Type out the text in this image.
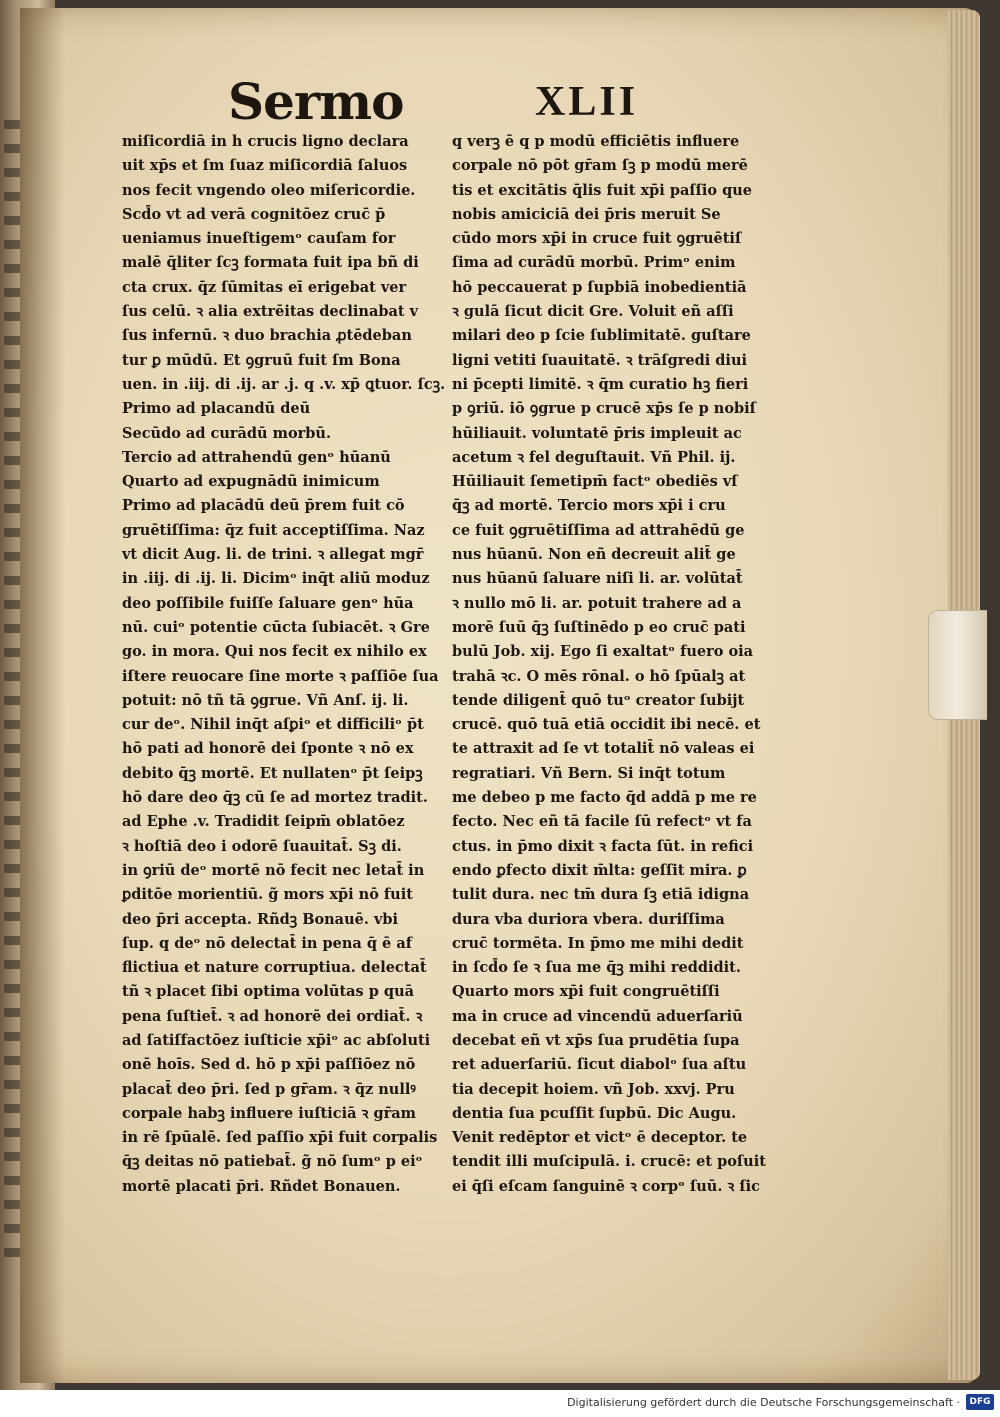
Sermo	XLII
miſicordiā in h crucis ligno declara
uit xp̄s et ſm ſuaz miſicordiā ſaluos
nos fecit vngendo oleo miſericordie.
Scd̄o vt ad verā cognitōez cruc̄ p̄
ueniamus inueſtigemᵒ cauſam for
malē q̄liter ſcꝫ formata fuit ipa bñ di
cta crux. q̄z ſūmitas eī erigebat ver
ſus celū. ꝛ alia extrēitas declinabat v
ſus infernū. ꝛ duo brachia ꝓtēdeban
tur ꝑ mūdū. Et ꝯgruū fuit ſm Bona
uen. in .iij. di .ij. ar .j. q .v. xp̄ ꝗtuor. ſcꝫ.
Primo ad placandū deū
Secūdo ad curādū morbū.
Tercio ad attrahendū genᵒ hūanū
Quarto ad expugnādū inimicum
Primo ad placādū deū p̄rem fuit cō
gruētiſſima: q̄z fuit acceptiſſima. Naz
vt dicit Aug. li. de trini. ꝛ allegat mgr̄
in .iij. di .ij. li. Dicimᵒ inq̄t aliū moduz
deo poſſibile fuiſſe ſaluare genᵒ hūa
nū. cuiᵒ potentie cūcta ſubiacēt. ꝛ Gre
go. in mora. Qui nos fecit ex nihilo ex
iſtere reuocare ſine morte ꝛ paſſiōe ſua
potuit: nō tñ tā ꝯgrue. Vñ Anſ. ij. li.
cur deᵒ. Nihil inq̄t aſꝑiᵒ et difficiliᵒ p̄t
hō pati ad honorē dei ſponte ꝛ nō ex
debito q̄ꝫ mortē. Et nullatenᵒ p̄t ſeipꝫ
hō dare deo q̄ꝫ cū ſe ad mortez tradit.
ad Ephe .v. Tradidit ſeipm̄ oblatōez
ꝛ hoſtiā deo i odorē ſuauitat̄. Sꝫ di.
in ꝯriū deᵒ mortē nō fecit nec letat̄ in
ꝑditōe morientiū. g̃ mors xp̄i nō fuit
deo p̄ri accepta. Rñdꝫ Bonauē. vbi
ſup. q deᵒ nō delectat̄ in pena q̄ ē af
flictiua et nature corruptiua. delectat̄
tñ ꝛ placet ſibi optima volūtas p quā
pena ſuſtiet̄. ꝛ ad honorē dei ordiat̄. ꝛ
ad ſatiſfactōez iuſticie xp̄iᵒ ac abſoluti
onē hoīs. Sed d. hō p xp̄i paſſiōez nō
placat̄ deo p̄ri. ſed p gr̄am. ꝛ q̄z nullꝰ
corpale habꝫ influere iuſticiā ꝛ gr̄am
in rē ſpūalē. ſed paſſio xp̄i fuit corpalis
q̄ꝫ deitas nō patiebat̄. g̃ nō ſumᵒ p eiᵒ
mortē placati p̄ri. Rñdet Bonauen.
q verꝫ ē q p modū efficiētis influere
corpale nō pōt gr̄am ſꝫ p modū merē
tis et excitātis q̄lis fuit xp̄i paſſio que
nobis amiciciā dei p̄ris meruit Se
cūdo mors xp̄i in cruce fuit ꝯgruētiſ
ſima ad curādū morbū. Primᵒ enim
hō peccauerat p ſupbiā inobedientiā
ꝛ gulā ſicut dicit Gre. Voluit eñ aſſi
milari deo p ſcie ſublimitatē. guſtare
ligni vetiti ſuauitatē. ꝛ trāſgredi diui
ni p̄cepti limitē. ꝛ q̄m curatio hꝫ fieri
p ꝯriū. iō ꝯgrue p crucē xp̄s ſe p nobiſ
hūiliauit. voluntatē p̄ris impleuit ac
acetum ꝛ fel deguſtauit. Vñ Phil. ij.
Hūiliauit ſemetipm̄ factᵒ obediēs vſ
q̄ꝫ ad mortē. Tercio mors xp̄i i cru
ce fuit ꝯgruētiſſima ad attrahēdū ge
nus hūanū. Non eñ decreuit alit̄ ge
nus hūanū ſaluare niſi li. ar. volūtat̄
ꝛ nullo mō li. ar. potuit trahere ad a
morē ſuū q̄ꝫ ſuſtinēdo p eo cruc̄ pati
bulū Job. xij. Ego ſi exaltatᵒ fuero oia
trahā ꝛc. O mēs rōnal. o hō ſpūalꝫ at
tende diligent̄ quō tuᵒ creator ſubijt
crucē. quō tuā etiā occidit ibi necē. et
te attraxit ad ſe vt totalit̄ nō valeas ei
regratiari. Vñ Bern. Si inq̄t totum
me debeo p me facto q̄d addā p me re
fecto. Nec eñ tā facile ſū refectᵒ vt fa
ctus. in p̄mo dixit ꝛ facta ſūt. in refici
endo ꝑfecto dixit m̄lta: geſſit mira. ꝑ
tulit dura. nec tm̄ dura ſꝫ etiā idigna
dura vba duriora vbera. duriſſima
cruc̄ tormēta. In p̄mo me mihi dedit
in ſcd̄o ſe ꝛ ſua me q̄ꝫ mihi reddidit.
Quarto mors xp̄i fuit congruētiſſi
ma in cruce ad vincendū aduerſariū
decebat eñ vt xp̄s ſua prudētia ſupa
ret aduerſariū. ſicut diabolᵒ ſua aſtu
tia decepit hoiem. vñ Job. xxvj. Pru
dentia ſua pcuſſit ſupbū. Dic Augu.
Venit redēptor et victᵒ ē deceptor. te
tendit illi muſcipulā. i. crucē: et poſuit
ei q̄ſi eſcam ſanguinē ꝛ corpᵒ ſuū. ꝛ ſic
Digitalisierung gefördert durch die Deutsche Forschungsgemeinschaft ·	DFG
